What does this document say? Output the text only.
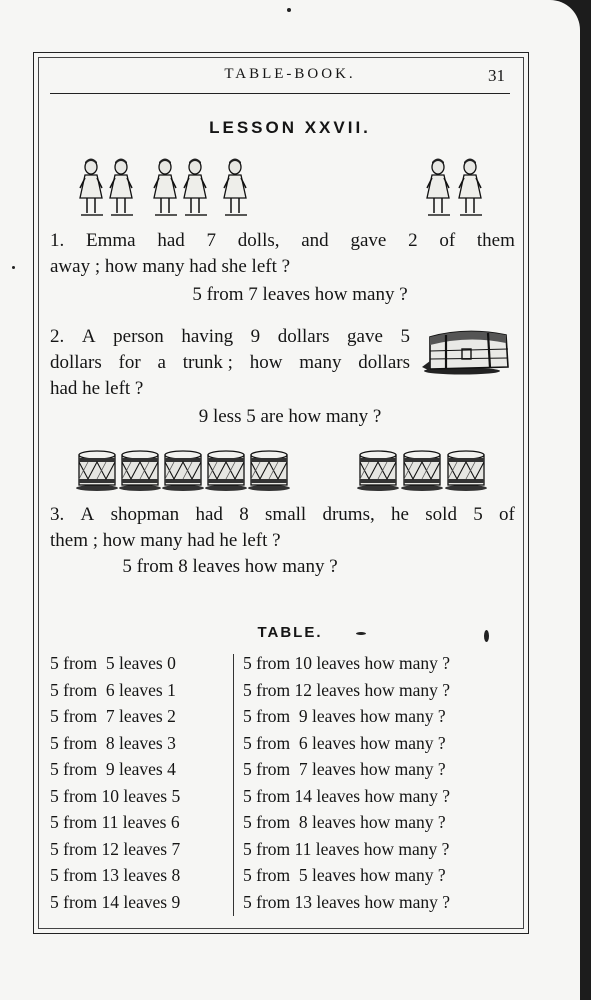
TABLE-BOOK.	31
LESSON XXVII.
1. Emma had 7 dolls, and gave 2 of them
away ; how many had she left ?
5 from 7 leaves how many ?
2. A person having 9 dollars gave 5
dollars for a trunk ; how many dollars
had he left ?
9 less 5 are how many ?
3. A shopman had 8 small drums, he sold 5 of
them ; how many had he left ?
5 from 8 leaves how many ?
TABLE.
5 from  5 leaves 0
5 from  6 leaves 1
5 from  7 leaves 2
5 from  8 leaves 3
5 from  9 leaves 4
5 from 10 leaves 5
5 from 11 leaves 6
5 from 12 leaves 7
5 from 13 leaves 8
5 from 14 leaves 9
5 from 10 leaves how many ?
5 from 12 leaves how many ?
5 from  9 leaves how many ?
5 from  6 leaves how many ?
5 from  7 leaves how many ?
5 from 14 leaves how many ?
5 from  8 leaves how many ?
5 from 11 leaves how many ?
5 from  5 leaves how many ?
5 from 13 leaves how many ?
